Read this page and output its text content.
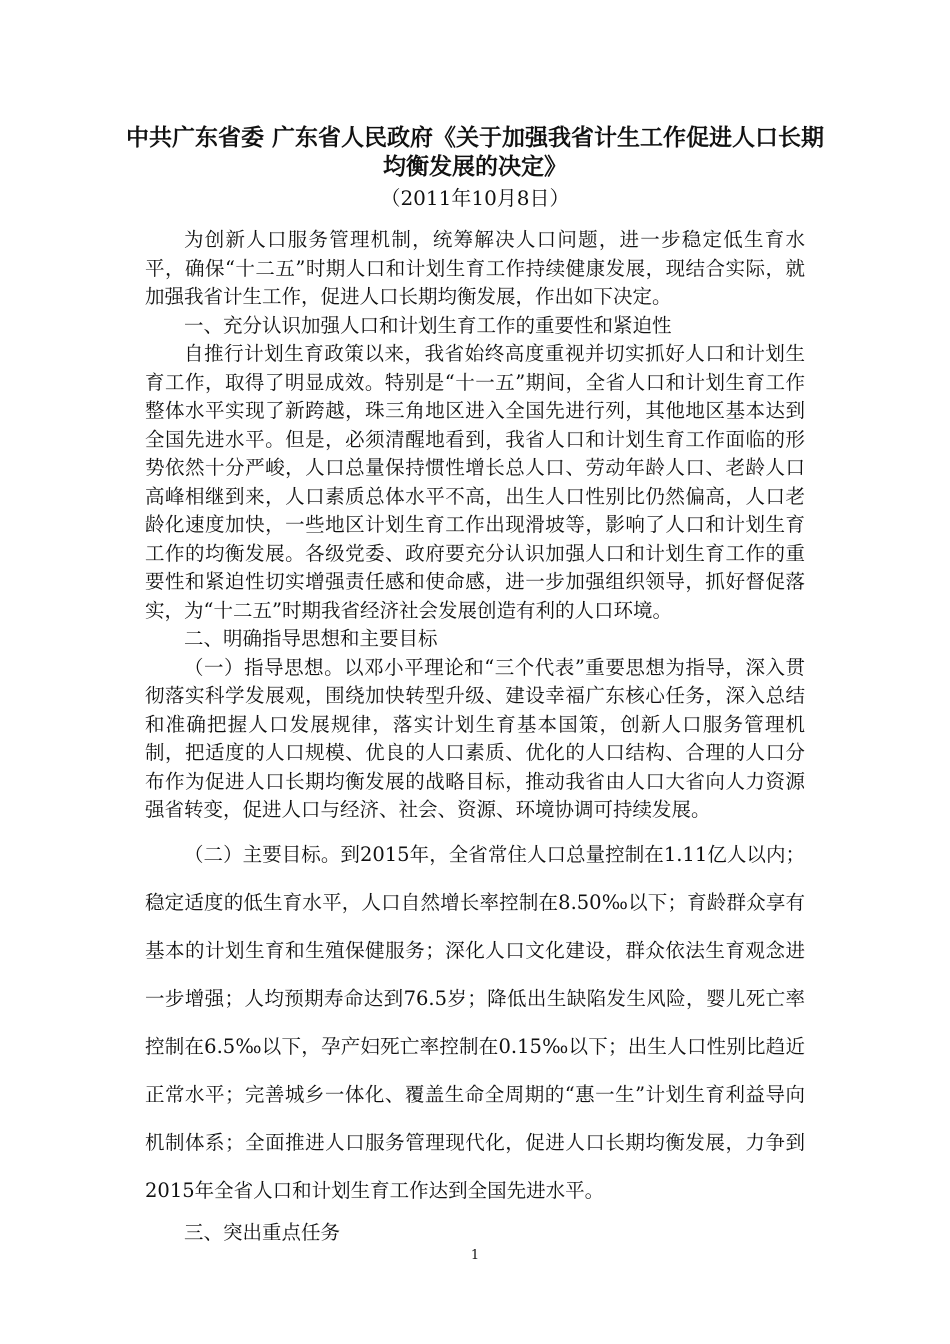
中共广东省委 广东省人民政府《关于加强我省计生工作促进人口长期均衡发展的决定》
（2011年10月8日）

为创新人口服务管理机制，统筹解决人口问题，进一步稳定低生育水平，确保“十二五”时期人口和计划生育工作持续健康发展，现结合实际，就加强我省计生工作，促进人口长期均衡发展，作出如下决定。

一、充分认识加强人口和计划生育工作的重要性和紧迫性

自推行计划生育政策以来，我省始终高度重视并切实抓好人口和计划生育工作，取得了明显成效。特别是“十一五”期间，全省人口和计划生育工作整体水平实现了新跨越，珠三角地区进入全国先进行列，其他地区基本达到全国先进水平。但是，必须清醒地看到，我省人口和计划生育工作面临的形势依然十分严峻，人口总量保持惯性增长总人口、劳动年龄人口、老龄人口高峰相继到来，人口素质总体水平不高，出生人口性别比仍然偏高，人口老龄化速度加快，一些地区计划生育工作出现滑坡等，影响了人口和计划生育工作的均衡发展。各级党委、政府要充分认识加强人口和计划生育工作的重要性和紧迫性切实增强责任感和使命感，进一步加强组织领导，抓好督促落实，为“十二五”时期我省经济社会发展创造有利的人口环境。

二、明确指导思想和主要目标

（一）指导思想。以邓小平理论和“三个代表”重要思想为指导，深入贯彻落实科学发展观，围绕加快转型升级、建设幸福广东核心任务，深入总结和准确把握人口发展规律，落实计划生育基本国策，创新人口服务管理机制，把适度的人口规模、优良的人口素质、优化的人口结构、合理的人口分布作为促进人口长期均衡发展的战略目标，推动我省由人口大省向人力资源强省转变，促进人口与经济、社会、资源、环境协调可持续发展。

（二）主要目标。到2015年，全省常住人口总量控制在1.11亿人以内；稳定适度的低生育水平，人口自然增长率控制在8.50‰以下；育龄群众享有基本的计划生育和生殖保健服务；深化人口文化建设，群众依法生育观念进一步增强；人均预期寿命达到76.5岁；降低出生缺陷发生风险，婴儿死亡率控制在6.5‰以下，孕产妇死亡率控制在0.15‰以下；出生人口性别比趋近正常水平；完善城乡一体化、覆盖生命全周期的“惠一生”计划生育利益导向机制体系；全面推进人口服务管理现代化，促进人口长期均衡发展，力争到2015年全省人口和计划生育工作达到全国先进水平。

三、突出重点任务

1
